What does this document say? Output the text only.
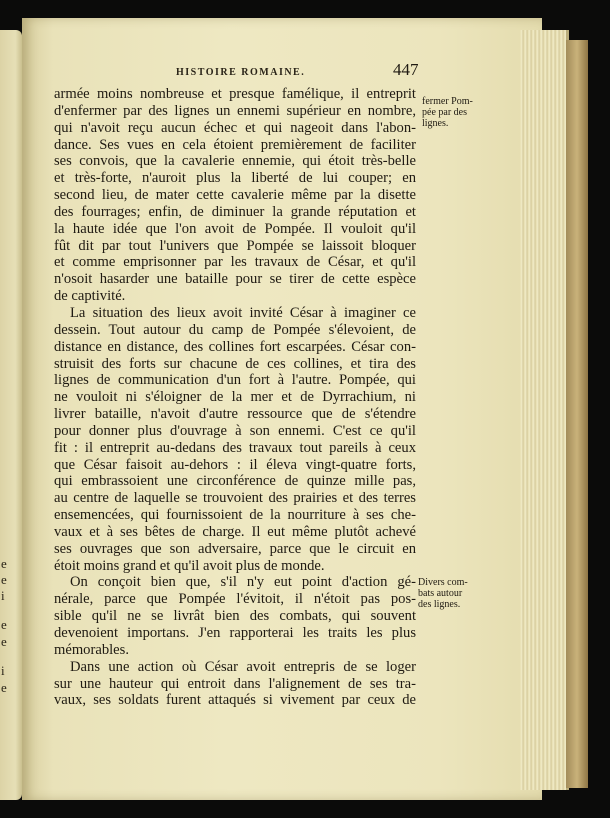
e
e
i
e
e
i
e
HISTOIRE ROMAINE.	447

armée moins nombreuse et presque famélique, il entreprit

d'enfermer par des lignes un ennemi supérieur en nombre,

qui n'avoit reçu aucun échec et qui nageoit dans l'abon-

dance. Ses vues en cela étoient premièrement de faciliter

ses convois, que la cavalerie ennemie, qui étoit très-belle

et très-forte, n'auroit plus la liberté de lui couper; en

second lieu, de mater cette cavalerie même par la disette

des fourrages; enfin, de diminuer la grande réputation et

la haute idée que l'on avoit de Pompée. Il vouloit qu'il

fût dit par tout l'univers que Pompée se laissoit bloquer

et comme emprisonner par les travaux de César, et qu'il

n'osoit hasarder une bataille pour se tirer de cette espèce

de captivité.

La situation des lieux avoit invité César à imaginer ce

dessein. Tout autour du camp de Pompée s'élevoient, de

distance en distance, des collines fort escarpées. César con-

struisit des forts sur chacune de ces collines, et tira des

lignes de communication d'un fort à l'autre. Pompée, qui

ne vouloit ni s'éloigner de la mer et de Dyrrachium, ni

livrer bataille, n'avoit d'autre ressource que de s'étendre

pour donner plus d'ouvrage à son ennemi. C'est ce qu'il

fit : il entreprit au-dedans des travaux tout pareils à ceux

que César faisoit au-dehors : il éleva vingt-quatre forts,

qui embrassoient une circonférence de quinze mille pas,

au centre de laquelle se trouvoient des prairies et des terres

ensemencées, qui fournissoient de la nourriture à ses che-

vaux et à ses bêtes de charge. Il eut même plutôt achevé

ses ouvrages que son adversaire, parce que le circuit en

étoit moins grand et qu'il avoit plus de monde.

On conçoit bien que, s'il n'y eut point d'action gé-

nérale, parce que Pompée l'évitoit, il n'étoit pas pos-

sible qu'il ne se livrât bien des combats, qui souvent

devenoient importans. J'en rapporterai les traits les plus

mémorables.

Dans une action où César avoit entrepris de se loger

sur une hauteur qui entroit dans l'alignement de ses tra-

vaux, ses soldats furent attaqués si vivement par ceux de

fermer Pom-
pée par des
lignes.
Divers com-
bats autour
des lignes.
